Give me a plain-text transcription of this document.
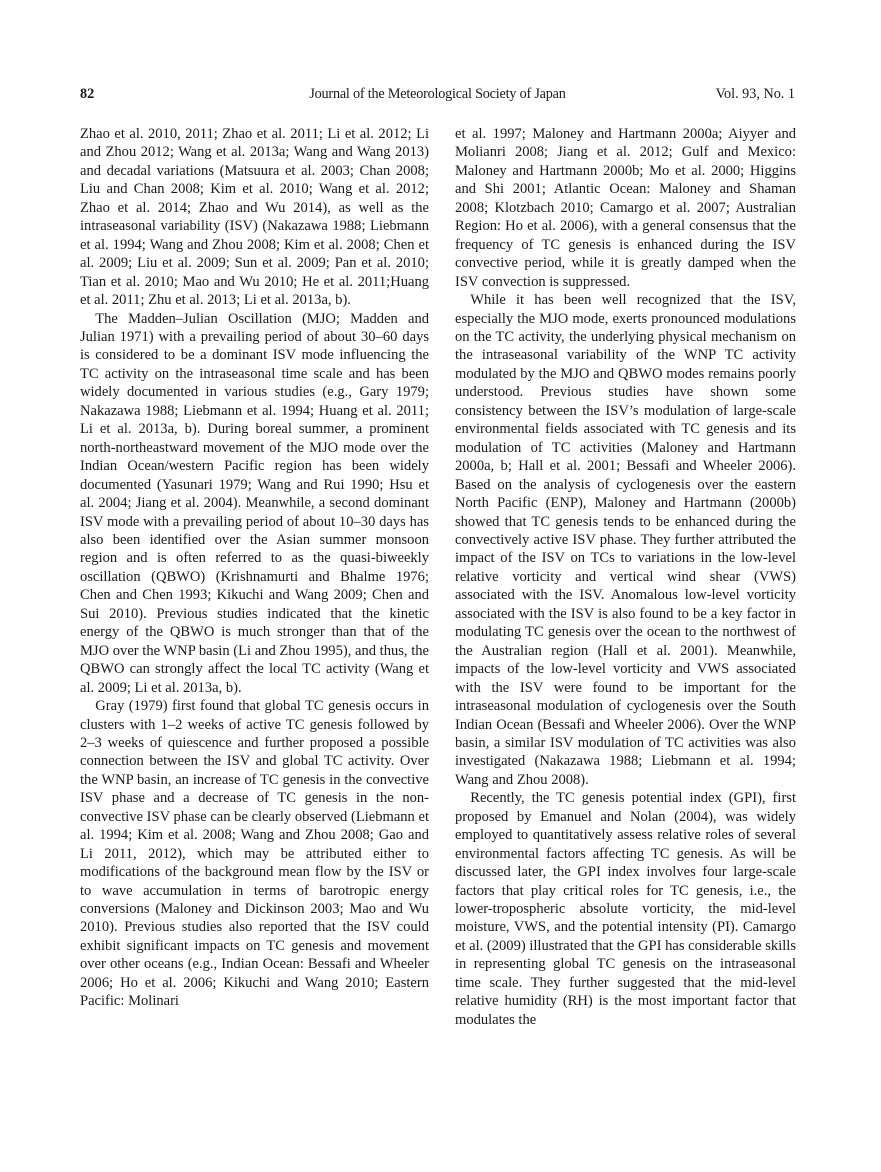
82	Journal of the Meteorological Society of Japan	Vol. 93, No. 1

Zhao et al. 2010, 2011; Zhao et al. 2011; Li et al. 2012; Li and Zhou 2012; Wang et al. 2013a; Wang and Wang 2013) and decadal variations (Matsuura et al. 2003; Chan 2008; Liu and Chan 2008; Kim et al. 2010; Wang et al. 2012; Zhao et al. 2014; Zhao and Wu 2014), as well as the intraseasonal variability (ISV) (Nakazawa 1988; Liebmann et al. 1994; Wang and Zhou 2008; Kim et al. 2008; Chen et al. 2009; Liu et al. 2009; Sun et al. 2009; Pan et al. 2010; Tian et al. 2010; Mao and Wu 2010; He et al. 2011;Huang et al. 2011; Zhu et al. 2013; Li et al. 2013a, b).

The Madden–Julian Oscillation (MJO; Madden and Julian 1971) with a prevailing period of about 30–60 days is considered to be a dominant ISV mode influencing the TC activity on the intraseasonal time scale and has been widely documented in various studies (e.g., Gary 1979; Nakazawa 1988; Liebmann et al. 1994; Huang et al. 2011; Li et al. 2013a, b). During boreal summer, a prominent north-northeastward movement of the MJO mode over the Indian Ocean/​western Pacific region has been widely documented (Yasunari 1979; Wang and Rui 1990; Hsu et al. 2004; Jiang et al. 2004). Meanwhile, a second dominant ISV mode with a prevailing period of about 10–30 days has also been identified over the Asian summer monsoon region and is often referred to as the quasi-biweekly oscillation (QBWO) (Krishnamurti and Bhalme 1976; Chen and Chen 1993; Kikuchi and Wang 2009; Chen and Sui 2010). Previous studies indicated that the kinetic energy of the QBWO is much stronger than that of the MJO over the WNP basin (Li and Zhou 1995), and thus, the QBWO can strongly affect the local TC activity (Wang et al. 2009; Li et al. 2013a, b).

Gray (1979) first found that global TC genesis occurs in clusters with 1–2 weeks of active TC genesis followed by 2–3 weeks of quiescence and further proposed a possible connection between the ISV and global TC activity. Over the WNP basin, an increase of TC genesis in the convective ISV phase and a decrease of TC genesis in the non-convective ISV phase can be clearly observed (Liebmann et al. 1994; Kim et al. 2008; Wang and Zhou 2008; Gao and Li 2011, 2012), which may be attributed either to modifications of the background mean flow by the ISV or to wave accumulation in terms of barotropic energy conversions (Maloney and Dickinson 2003; Mao and Wu 2010). Previous studies also reported that the ISV could exhibit significant impacts on TC genesis and movement over other oceans (e.g., Indian Ocean: Bessafi and Wheeler 2006; Ho et al. 2006; Kikuchi and Wang 2010; Eastern Pacific: Molinari

et al. 1997; Maloney and Hartmann 2000a; Aiyyer and Molianri 2008; Jiang et al. 2012; Gulf and Mexico: Maloney and Hartmann 2000b; Mo et al. 2000; Higgins and Shi 2001; Atlantic Ocean: Maloney and Shaman 2008; Klotzbach 2010; Camargo et al. 2007; Australian Region: Ho et al. 2006), with a general consensus that the frequency of TC genesis is enhanced during the ISV convective period, while it is greatly damped when the ISV convection is suppressed.

While it has been well recognized that the ISV, especially the MJO mode, exerts pronounced modulations on the TC activity, the underlying physical mechanism on the intraseasonal variability of the WNP TC activity modulated by the MJO and QBWO modes remains poorly understood. Previous studies have shown some consistency between the ISV’s modulation of large-scale environmental fields associated with TC genesis and its modulation of TC activities (Maloney and Hartmann 2000a, b; Hall et al. 2001; Bessafi and Wheeler 2006). Based on the analysis of cyclogenesis over the eastern North Pacific (ENP), Maloney and Hartmann (2000b) showed that TC genesis tends to be enhanced during the convectively active ISV phase. They further attributed the impact of the ISV on TCs to variations in the low-level relative vorticity and vertical wind shear (VWS) associated with the ISV. Anomalous low-level vorticity associated with the ISV is also found to be a key factor in modulating TC genesis over the ocean to the northwest of the Australian region (Hall et al. 2001). Meanwhile, impacts of the low-level vorticity and VWS associated with the ISV were found to be important for the intraseasonal modulation of cyclogenesis over the South Indian Ocean (Bessafi and Wheeler 2006). Over the WNP basin, a similar ISV modulation of TC activities was also investigated (Nakazawa 1988; Liebmann et al. 1994; Wang and Zhou 2008).

Recently, the TC genesis potential index (GPI), first proposed by Emanuel and Nolan (2004), was widely employed to quantitatively assess relative roles of several environmental factors affecting TC genesis. As will be discussed later, the GPI index involves four large-scale factors that play critical roles for TC genesis, i.e., the lower-tropospheric absolute vorticity, the mid-level moisture, VWS, and the potential intensity (PI). Camargo et al. (2009) illustrated that the GPI has considerable skills in representing global TC genesis on the intraseasonal time scale. They further suggested that the mid-level relative humidity (RH) is the most important factor that modulates the
